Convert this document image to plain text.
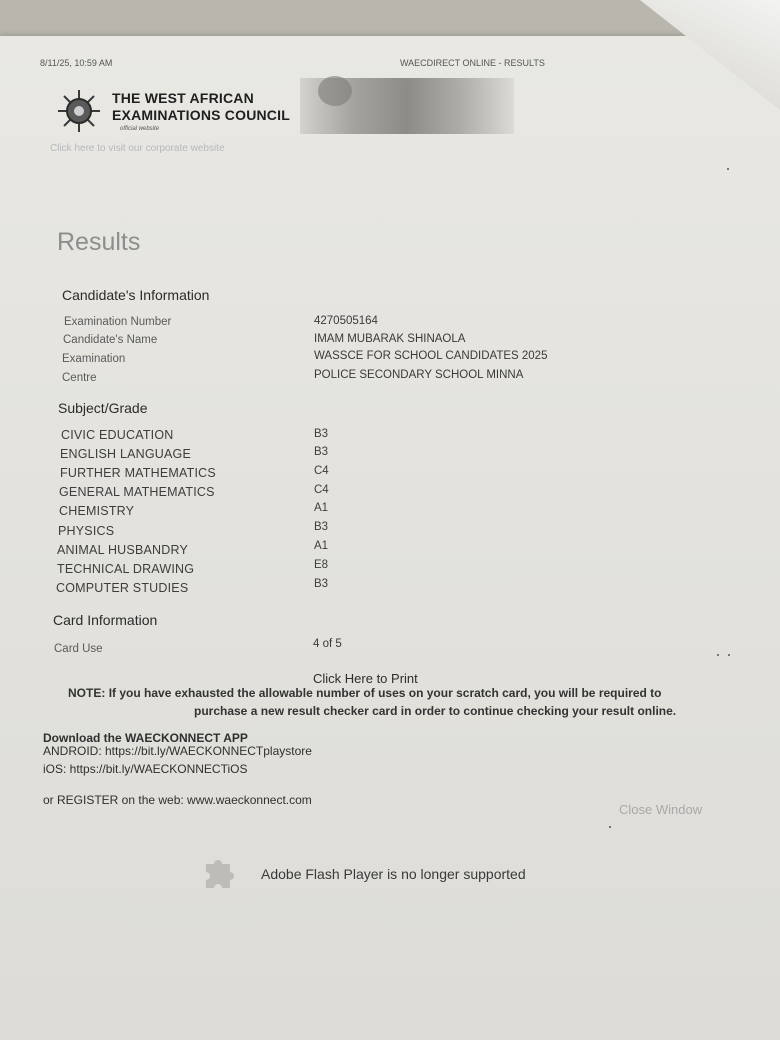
8/11/25, 10:59 AM	WAECDIRECT ONLINE - RESULTS
THE WEST AFRICAN
EXAMINATIONS COUNCIL
official website
Click here to visit our corporate website
Results
Candidate's Information
Examination Number	4270505164
Candidate's Name	IMAM MUBARAK SHINAOLA
Examination	WASSCE FOR SCHOOL CANDIDATES 2025
Centre	POLICE SECONDARY SCHOOL MINNA
Subject/Grade
CIVIC EDUCATION	B3
ENGLISH LANGUAGE	B3
FURTHER MATHEMATICS	C4
GENERAL MATHEMATICS	C4
CHEMISTRY	A1
PHYSICS	B3
ANIMAL HUSBANDRY	A1
TECHNICAL DRAWING	E8
COMPUTER STUDIES	B3
Card Information
Card Use	4 of 5
Click Here to Print
NOTE: If you have exhausted the allowable number of uses on your scratch card, you will be required to
purchase a new result checker card in order to continue checking your result online.
Download the WAECKONNECT APP
ANDROID: https://bit.ly/WAECKONNECTplaystore
iOS: https://bit.ly/WAECKONNECTiOS
or REGISTER on the web: www.waeckonnect.com
Close Window
Adobe Flash Player is no longer supported
